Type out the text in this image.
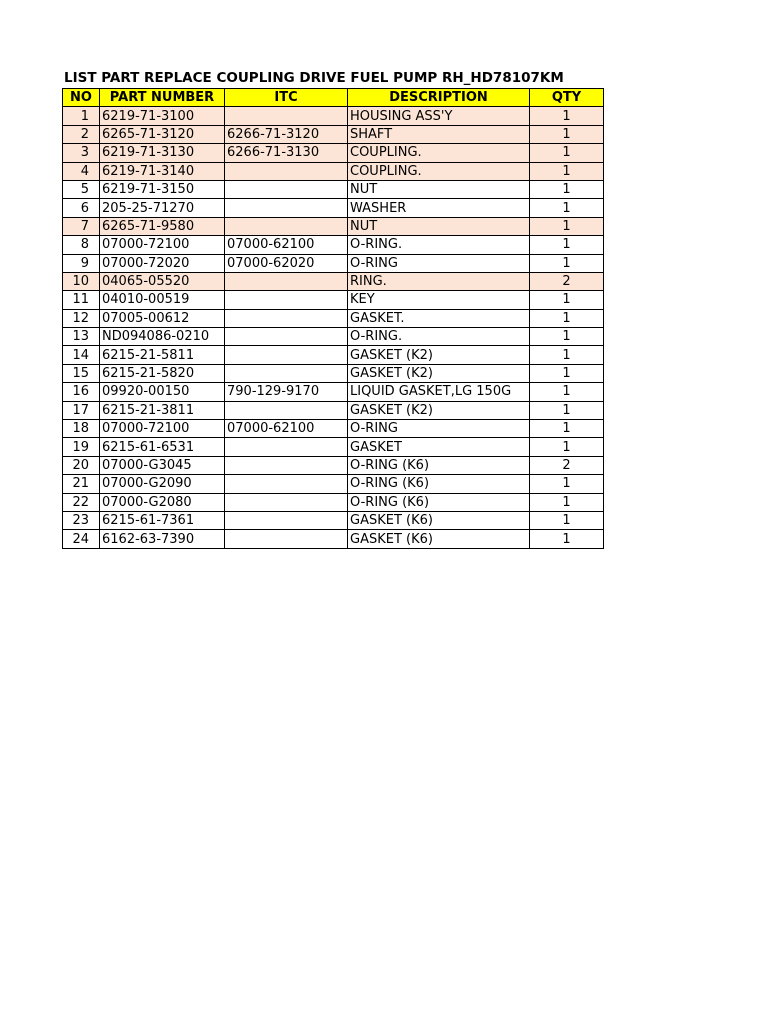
LIST PART REPLACE COUPLING DRIVE FUEL PUMP RH_HD78107KM
NO	PART NUMBER	ITC	DESCRIPTION	QTY
1	6219-71-3100		HOUSING ASS'Y	1
2	6265-71-3120	6266-71-3120	SHAFT	1
3	6219-71-3130	6266-71-3130	COUPLING.	1
4	6219-71-3140		COUPLING.	1
5	6219-71-3150		NUT	1
6	205-25-71270		WASHER	1
7	6265-71-9580		NUT	1
8	07000-72100	07000-62100	O-RING.	1
9	07000-72020	07000-62020	O-RING	1
10	04065-05520		RING.	2
11	04010-00519		KEY	1
12	07005-00612		GASKET.	1
13	ND094086-0210		O-RING.	1
14	6215-21-5811		GASKET (K2)	1
15	6215-21-5820		GASKET (K2)	1
16	09920-00150	790-129-9170	LIQUID GASKET,LG 150G	1
17	6215-21-3811		GASKET (K2)	1
18	07000-72100	07000-62100	O-RING	1
19	6215-61-6531		GASKET	1
20	07000-G3045		O-RING (K6)	2
21	07000-G2090		O-RING (K6)	1
22	07000-G2080		O-RING (K6)	1
23	6215-61-7361		GASKET (K6)	1
24	6162-63-7390		GASKET (K6)	1
